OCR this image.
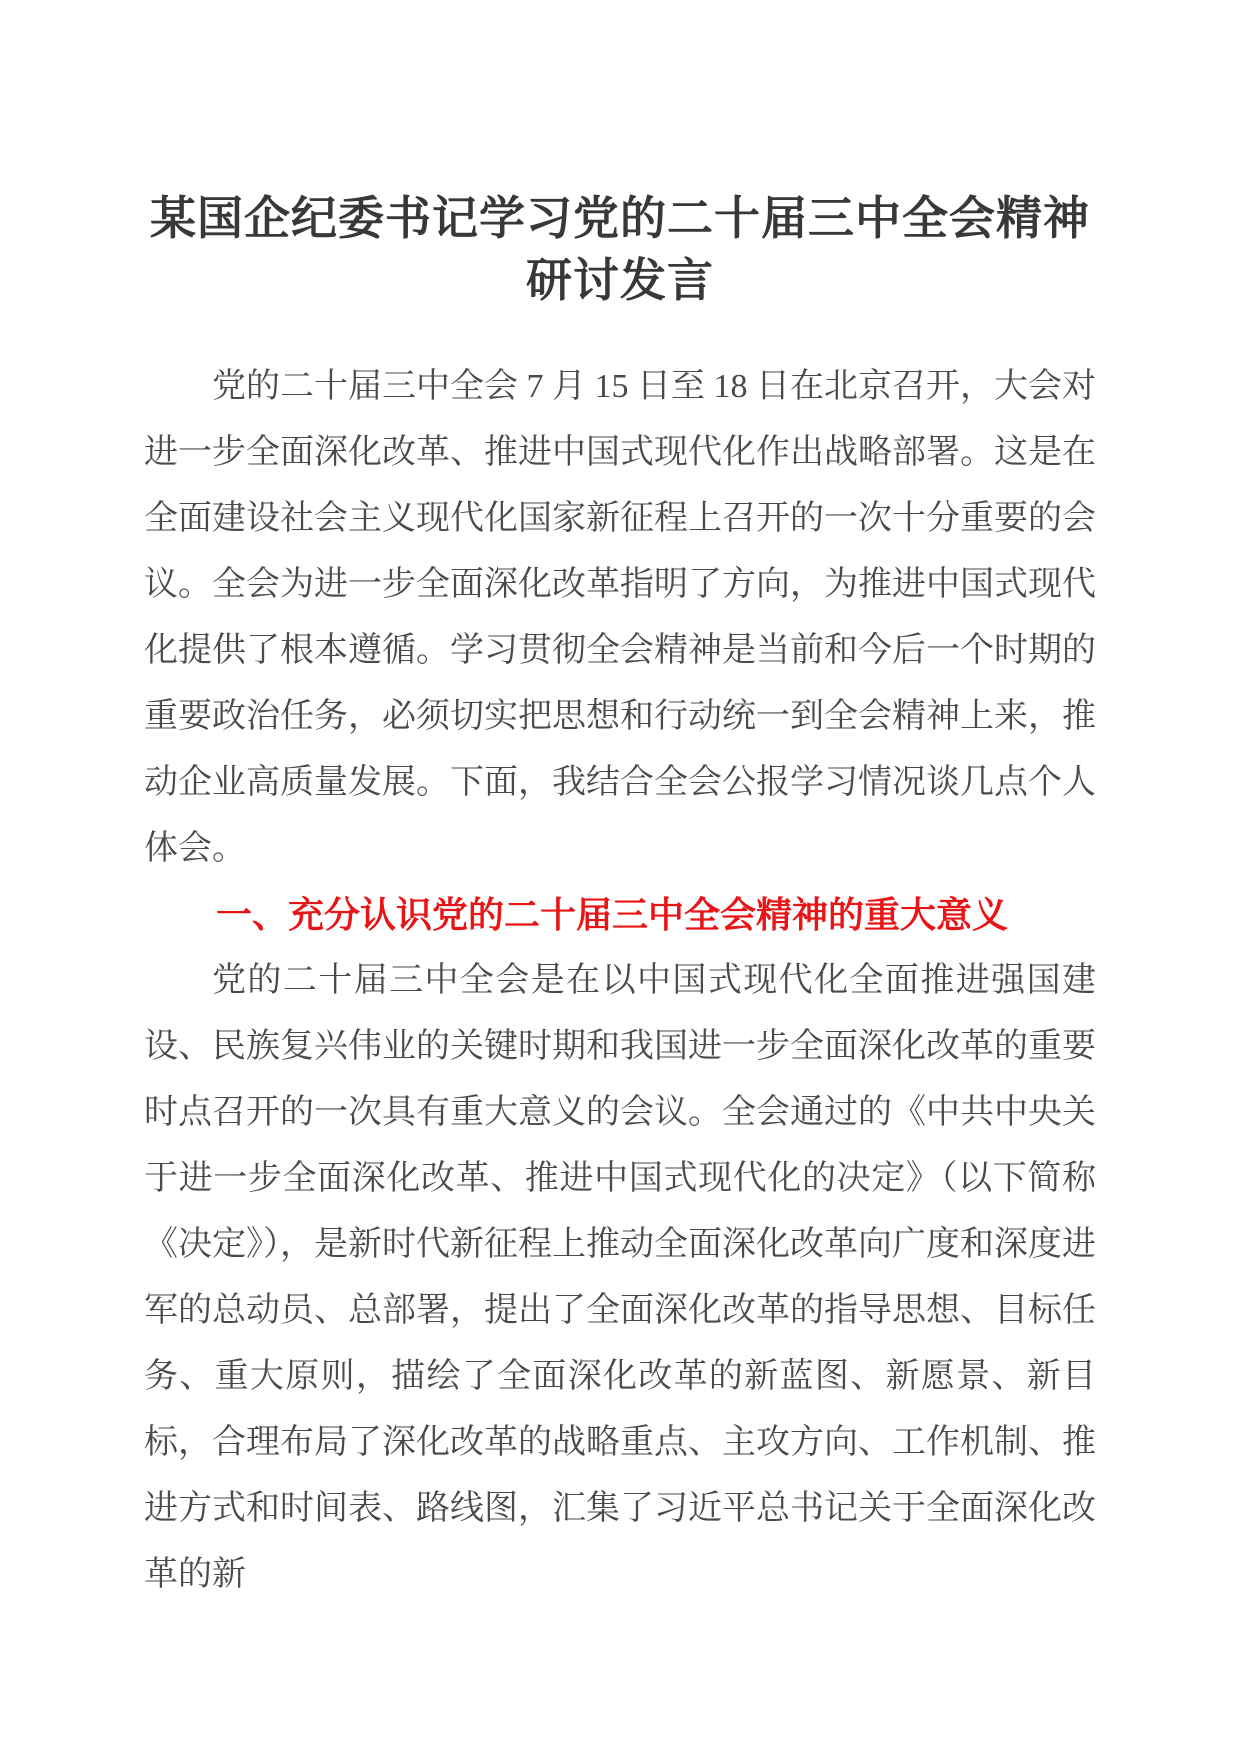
某国企纪委书记学习党的二十届三中全会精神研讨发言

党的二十届三中全会 7 月 15 日至 18 日在北京召开，大会对进一步全面深化改革、推进中国式现代化作出战略部署。这是在全面建设社会主义现代化国家新征程上召开的一次十分重要的会议。全会为进一步全面深化改革指明了方向，为推进中国式现代化提供了根本遵循。学习贯彻全会精神是当前和今后一个时期的重要政治任务，必须切实把思想和行动统一到全会精神上来，推动企业高质量发展。下面，我结合全会公报学习情况谈几点个人体会。

一、充分认识党的二十届三中全会精神的重大意义

党的二十届三中全会是在以中国式现代化全面推进强国建设、民族复兴伟业的关键时期和我国进一步全面深化改革的重要时点召开的一次具有重大意义的会议。全会通过的《中共中央关于进一步全面深化改革、推进中国式现代化的决定》（以下简称《决定》），是新时代新征程上推动全面深化改革向广度和深度进军的总动员、总部署，提出了全面深化改革的指导思想、目标任务、重大原则，描绘了全面深化改革的新蓝图、新愿景、新目标，合理布局了深化改革的战略重点、主攻方向、工作机制、推进方式和时间表、路线图，汇集了习近平总书记关于全面深化改革的新
